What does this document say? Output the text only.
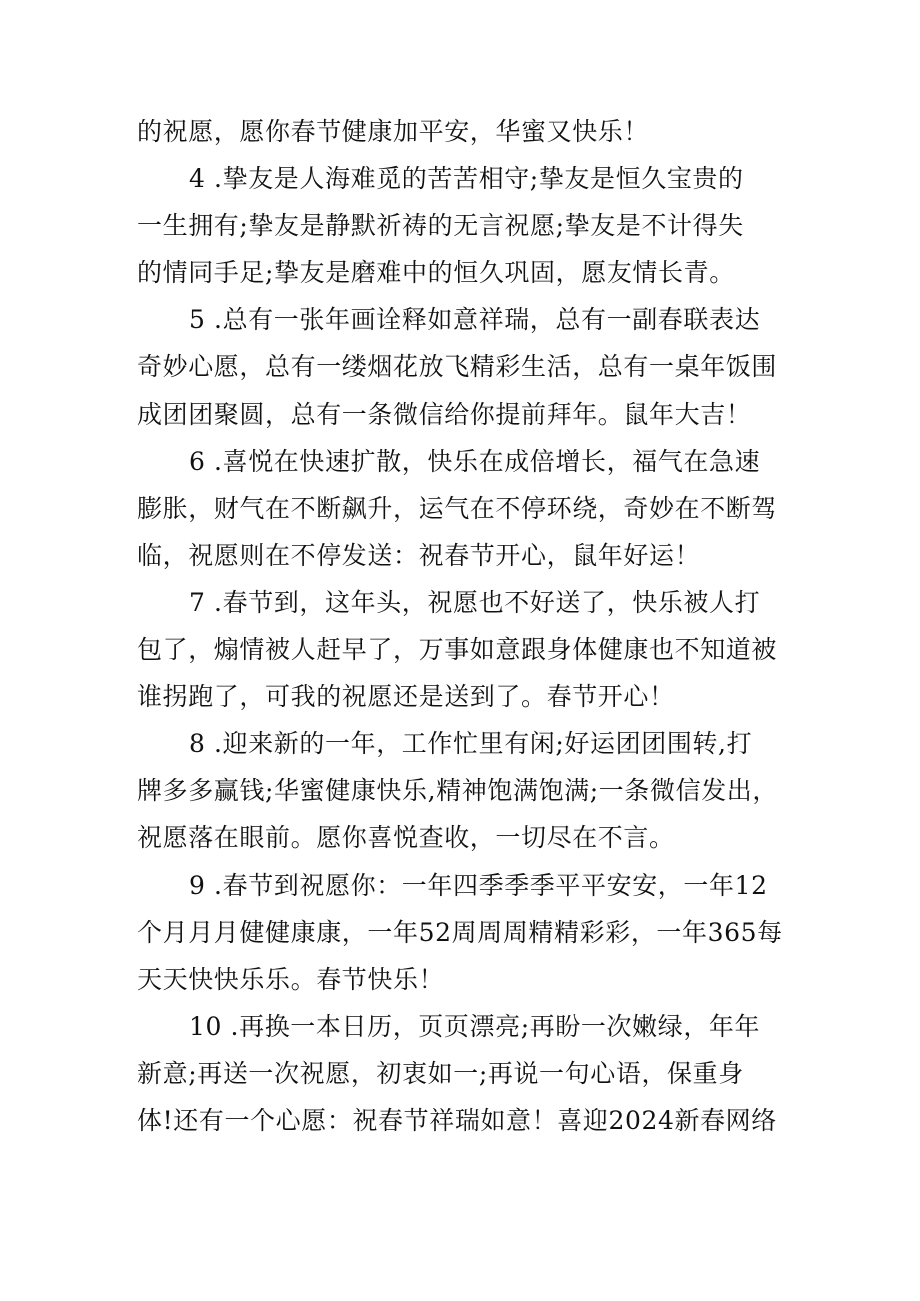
的祝愿，愿你春节健康加平安，华蜜又快乐！
4 .挚友是人海难觅的苦苦相守;挚友是恒久宝贵的
一生拥有;挚友是静默祈祷的无言祝愿;挚友是不计得失
的情同手足;挚友是磨难中的恒久巩固，愿友情长青。
5 .总有一张年画诠释如意祥瑞，总有一副春联表达
奇妙心愿，总有一缕烟花放飞精彩生活，总有一桌年饭围
成团团聚圆，总有一条微信给你提前拜年。鼠年大吉！
6 .喜悦在快速扩散，快乐在成倍增长，福气在急速
膨胀，财气在不断飙升，运气在不停环绕，奇妙在不断驾
临，祝愿则在不停发送：祝春节开心，鼠年好运！
7 .春节到，这年头，祝愿也不好送了，快乐被人打
包了，煽情被人赶早了，万事如意跟身体健康也不知道被
谁拐跑了，可我的祝愿还是送到了。春节开心！
8 .迎来新的一年，工作忙里有闲;好运团团围转,打
牌多多赢钱;华蜜健康快乐,精神饱满饱满;一条微信发出，
祝愿落在眼前。愿你喜悦查收，一切尽在不言。
9 .春节到祝愿你：一年四季季季平平安安，一年12
个月月月健健康康，一年52周周周精精彩彩，一年365每
天天快快乐乐。春节快乐！
10 .再换一本日历，页页漂亮;再盼一次嫩绿，年年
新意;再送一次祝愿，初衷如一;再说一句心语，保重身
体!还有一个心愿：祝春节祥瑞如意！喜迎2024新春网络
